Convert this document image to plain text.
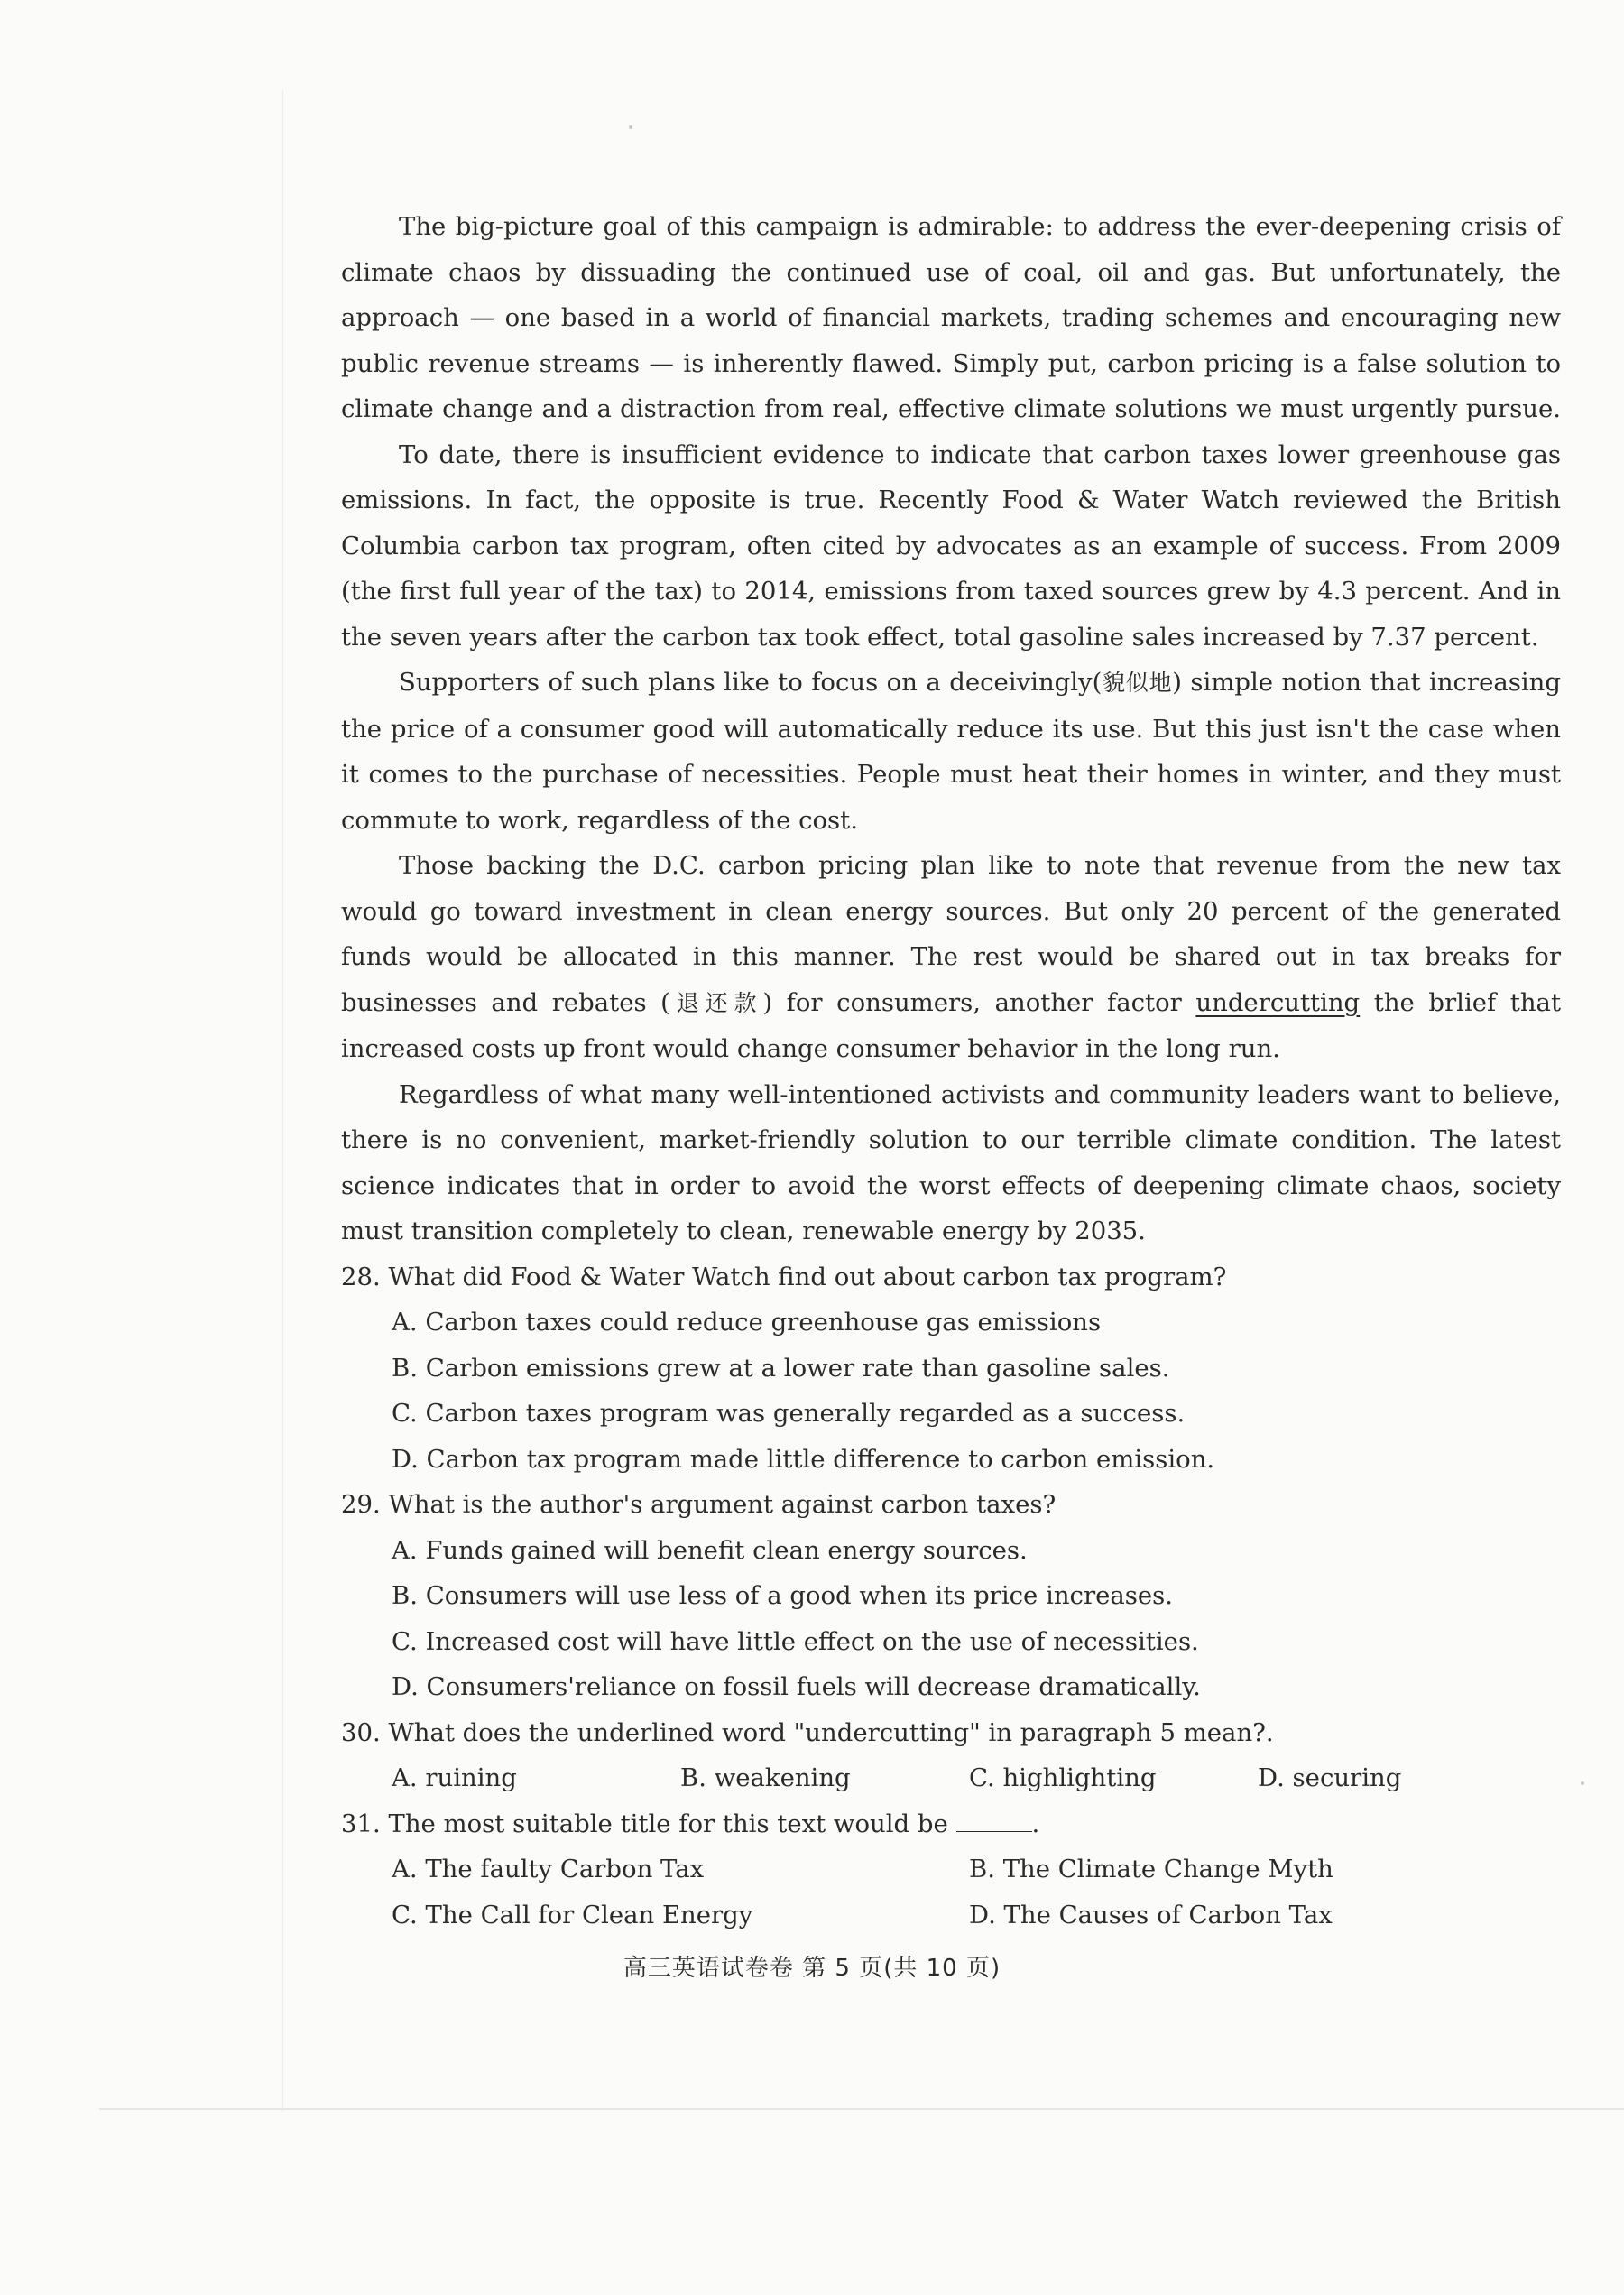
The big-picture goal of this campaign is admirable: to address the ever-deepening crisis of climate chaos by dissuading the continued use of coal, oil and gas. But unfortunately, the approach — one based in a world of financial markets, trading schemes and encouraging new public revenue streams — is inherently flawed. Simply put, carbon pricing is a false solution to climate change and a distraction from real, effective climate solutions we must urgently pursue.

To date, there is insufficient evidence to indicate that carbon taxes lower greenhouse gas emissions. In fact, the opposite is true. Recently Food & Water Watch reviewed the British Columbia carbon tax program, often cited by advocates as an example of success. From 2009 (the first full year of the tax) to 2014, emissions from taxed sources grew by 4.3 percent. And in the seven years after the carbon tax took effect, total gasoline sales increased by 7.37 percent.

Supporters of such plans like to focus on a deceivingly(貌似地) simple notion that increasing the price of a consumer good will automatically reduce its use. But this just isn't the case when it comes to the purchase of necessities. People must heat their homes in winter, and they must commute to work, regardless of the cost.

Those backing the D.C. carbon pricing plan like to note that revenue from the new tax would go toward investment in clean energy sources. But only 20 percent of the generated funds would be allocated in this manner. The rest would be shared out in tax breaks for businesses and rebates (退还款) for consumers, another factor undercutting the brlief that increased costs up front would change consumer behavior in the long run.

Regardless of what many well-intentioned activists and community leaders want to believe, there is no convenient, market-friendly solution to our terrible climate condition. The latest science indicates that in order to avoid the worst effects of deepening climate chaos, society must transition completely to clean, renewable energy by 2035.

28. What did Food & Water Watch find out about carbon tax program?

A. Carbon taxes could reduce greenhouse gas emissions

B. Carbon emissions grew at a lower rate than gasoline sales.

C. Carbon taxes program was generally regarded as a success.

D. Carbon tax program made little difference to carbon emission.

29. What is the author's argument against carbon taxes?

A. Funds gained will benefit clean energy sources.

B. Consumers will use less of a good when its price increases.

C. Increased cost will have little effect on the use of necessities.

D. Consumers'reliance on fossil fuels will decrease dramatically.

30. What does the underlined word "undercutting" in paragraph 5 mean?.

A. ruining	B. weakening	C. highlighting	D. securing

31. The most suitable title for this text would be	.

A. The faulty Carbon Tax	B. The Climate Change Myth
C. The Call for Clean Energy	D. The Causes of Carbon Tax
高三英语试卷卷 第 5 页(共 10 页)
